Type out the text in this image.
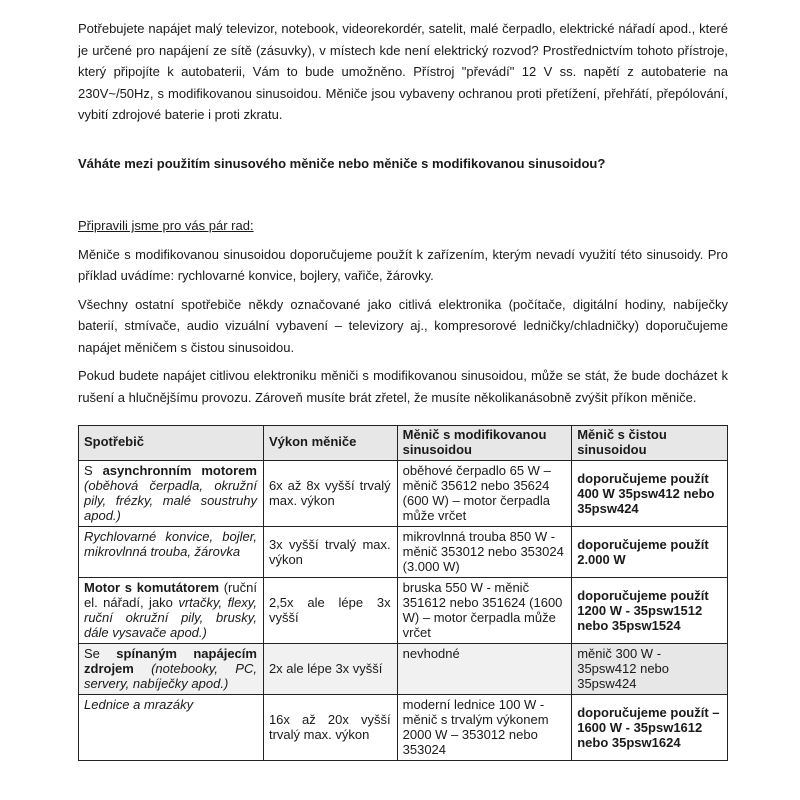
Potřebujete napájet malý televizor, notebook, videorekordér, satelit, malé čerpadlo, elektrické nářadí apod., které je určené pro napájení ze sítě (zásuvky), v místech kde není elektrický rozvod? Prostřednictvím tohoto přístroje, který připojíte k autobaterii, Vám to bude umožněno. Přístroj "převádí" 12 V ss. napětí z autobaterie na 230V~/50Hz, s modifikovanou sinusoidou. Měniče jsou vybaveny ochranou proti přetížení, přehřátí, přepólování, vybití zdrojové baterie i proti zkratu.

Váháte mezi použitím sinusového měniče nebo měniče s modifikovanou sinusoidou?

Připravili jsme pro vás pár rad:

Měniče s modifikovanou sinusoidou doporučujeme použít k zařízením, kterým nevadí využití této sinusoidy. Pro příklad uvádíme: rychlovarné konvice, bojlery, vařiče, žárovky.

Všechny ostatní spotřebiče někdy označované jako citlivá elektronika (počítače, digitální hodiny, nabíječky baterií, stmívače, audio vizuální vybavení – televizory aj., kompresorové ledničky/chladničky) doporučujeme napájet měničem s čistou sinusoidou.

Pokud budete napájet citlivou elektroniku měniči s modifikovanou sinusoidou, může se stát, že bude docházet k rušení a hlučnějšímu provozu. Zároveň musíte brát zřetel, že musíte několikanásobně zvýšit příkon měniče.

Spotřebič	Výkon měniče	Měnič s modifikovanou sinusoidou	Měnič s čistou sinusoidou
S asynchronním motorem (oběhová čerpadla, okružní pily, frézky, malé soustruhy apod.)	6x až 8x vyšší trvalý max. výkon	oběhové čerpadlo 65 W – měnič 35612 nebo 35624 (600 W) – motor čerpadla může vrčet	doporučujeme použít 400 W 35psw412 nebo 35psw424
Rychlovarné konvice, bojler, mikrovlnná trouba, žárovka	3x vyšší trvalý max. výkon	mikrovlnná trouba 850 W - měnič 353012 nebo 353024 (3.000 W)	doporučujeme použít 2.000 W
Motor s komutátorem (ruční el. nářadí, jako vrtačky, flexy, ruční okružní pily, brusky, dále vysavače apod.)	2,5x ale lépe 3x vyšší	bruska 550 W - měnič 351612 nebo 351624 (1600 W) – motor čerpadla může vrčet	doporučujeme použít 1200 W - 35psw1512 nebo 35psw1524
Se spínaným napájecím zdrojem (notebooky, PC, servery, nabíječky apod.)	2x ale lépe 3x vyšší	nevhodné	měnič 300 W - 35psw412 nebo 35psw424
Lednice a mrazáky	16x až 20x vyšší trvalý max. výkon	moderní lednice 100 W - měnič s trvalým výkonem 2000 W – 353012 nebo 353024	doporučujeme použít – 1600 W - 35psw1612 nebo 35psw1624
